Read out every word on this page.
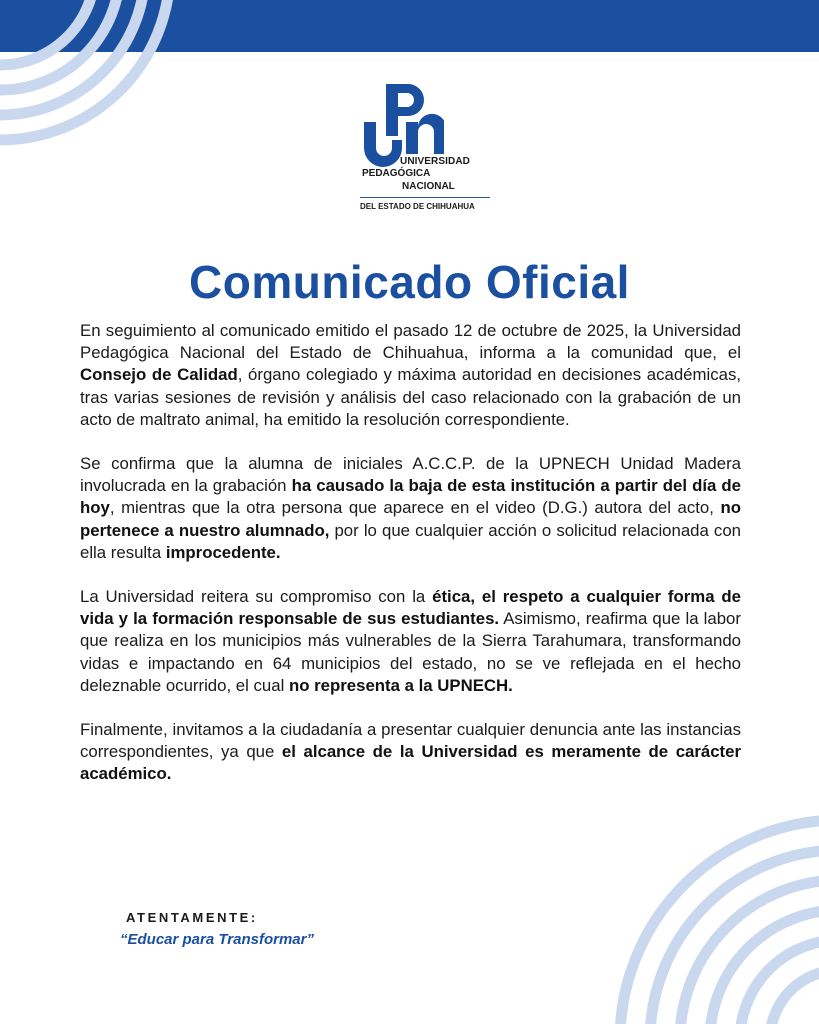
UNIVERSIDAD
PEDAGÓGICA
NACIONAL
DEL ESTADO DE CHIHUAHUA
Comunicado Oficial

En seguimiento al comunicado emitido el pasado 12 de octubre de 2025, la Universidad Pedagógica Nacional del Estado de Chihuahua, informa a la comunidad que, el Consejo de Calidad, órgano colegiado y máxima autoridad en decisiones académicas, tras varias sesiones de revisión y análisis del caso relacionado con la grabación de un acto de maltrato animal, ha emitido la resolución correspondiente.

Se confirma que la alumna de iniciales A.C.C.P. de la UPNECH Unidad Madera involucrada en la grabación ha causado la baja de esta institución a partir del día de hoy, mientras que la otra persona que aparece en el video (D.G.) autora del acto, no pertenece a nuestro alumnado, por lo que cualquier acción o solicitud relacionada con ella resulta improcedente.

La Universidad reitera su compromiso con la ética, el respeto a cualquier forma de vida y la formación responsable de sus estudiantes. Asimismo, reafirma que la labor que realiza en los municipios más vulnerables de la Sierra Tarahumara, transformando vidas e impactando en 64 municipios del estado, no se ve reflejada en el hecho deleznable ocurrido, el cual no representa a la UPNECH.

Finalmente, invitamos a la ciudadanía a presentar cualquier denuncia ante las instancias correspondientes, ya que el alcance de la Universidad es meramente de carácter académico.

ATENTAMENTE:
“Educar para Transformar”
